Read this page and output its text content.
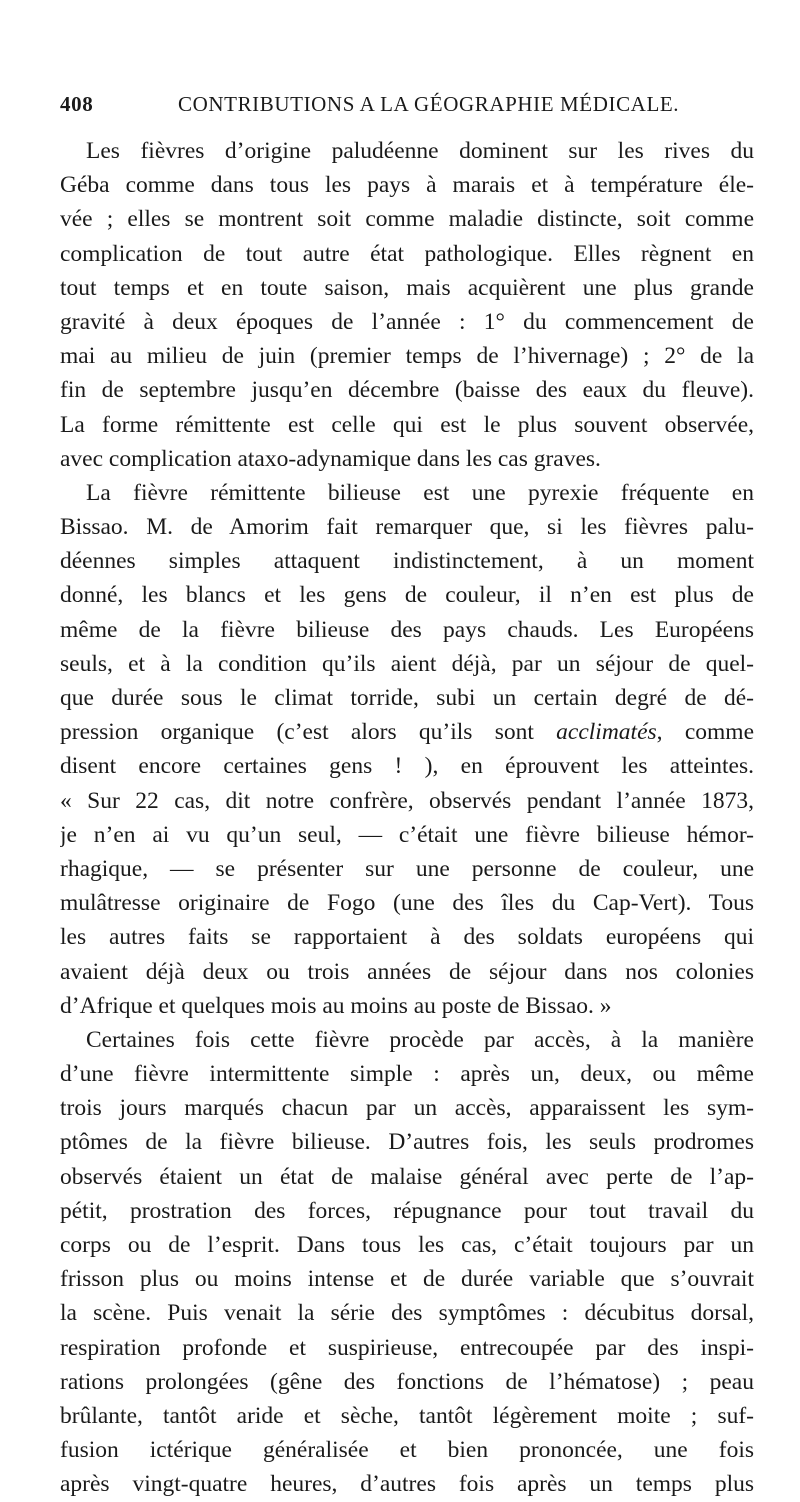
408	CONTRIBUTIONS A LA GÉOGRAPHIE MÉDICALE.
Les fièvres d’origine paludéenne dominent sur les rives du
Géba comme dans tous les pays à marais et à température éle-
vée ; elles se montrent soit comme maladie distincte, soit comme
complication de tout autre état pathologique. Elles règnent en
tout temps et en toute saison, mais acquièrent une plus grande
gravité à deux époques de l’année : 1° du commencement de
mai au milieu de juin (premier temps de l’hivernage) ; 2° de la
fin de septembre jusqu’en décembre (baisse des eaux du fleuve).
La forme rémittente est celle qui est le plus souvent observée,
avec complication ataxo-adynamique dans les cas graves.
La fièvre rémittente bilieuse est une pyrexie fréquente en
Bissao. M. de Amorim fait remarquer que, si les fièvres palu-
déennes simples attaquent indistinctement, à un moment
donné, les blancs et les gens de couleur, il n’en est plus de
même de la fièvre bilieuse des pays chauds. Les Européens
seuls, et à la condition qu’ils aient déjà, par un séjour de quel-
que durée sous le climat torride, subi un certain degré de dé-
pression organique (c’est alors qu’ils sont acclimatés, comme
disent encore certaines gens ! ), en éprouvent les atteintes.
« Sur 22 cas, dit notre confrère, observés pendant l’année 1873,
je n’en ai vu qu’un seul, — c’était une fièvre bilieuse hémor-
rhagique, — se présenter sur une personne de couleur, une
mulâtresse originaire de Fogo (une des îles du Cap-Vert). Tous
les autres faits se rapportaient à des soldats européens qui
avaient déjà deux ou trois années de séjour dans nos colonies
d’Afrique et quelques mois au moins au poste de Bissao. »
Certaines fois cette fièvre procède par accès, à la manière
d’une fièvre intermittente simple : après un, deux, ou même
trois jours marqués chacun par un accès, apparaissent les sym-
ptômes de la fièvre bilieuse. D’autres fois, les seuls prodromes
observés étaient un état de malaise général avec perte de l’ap-
pétit, prostration des forces, répugnance pour tout travail du
corps ou de l’esprit. Dans tous les cas, c’était toujours par un
frisson plus ou moins intense et de durée variable que s’ouvrait
la scène. Puis venait la série des symptômes : décubitus dorsal,
respiration profonde et suspirieuse, entrecoupée par des inspi-
rations prolongées (gêne des fonctions de l’hématose) ; peau
brûlante, tantôt aride et sèche, tantôt légèrement moite ; suf-
fusion ictérique généralisée et bien prononcée, une fois
après vingt-quatre heures, d’autres fois après un temps plus
